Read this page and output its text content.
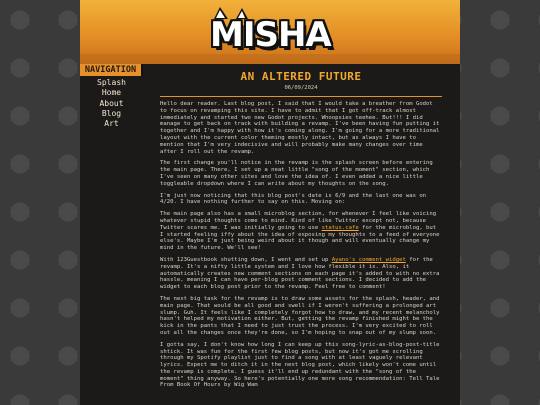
MISHA
NAVIGATION
Splash
Home
About
Blog
Art
AN ALTERED FUTURE
06/09/2024

Hello dear reader. Last blog post, I said that I would take a breather from Godot to focus on revamping this site. I have to admit that I got off-track almost immediately and started two new Godot projects. Whoopsies teehee. But!!! I did manage to get back on track with building a revamp. I've been having fun putting it together and I'm happy with how it's coming along. I'm going for a more traditional layout with the current color theming mostly intact, but as always I have to mention that I'm very indecisive and will probably make many changes over time after I roll out the revamp.

The first change you'll notice in the revamp is the splash screen before entering the main page. There, I set up a neat little "song of the moment" section, which I've seen on many other sites and love the idea of. I even added a nice little toggleable dropdown where I can write about my thoughts on the song.

I'm just now noticing that this blog post's date is 6/9 and the last one was on 4/20. I have nothing further to say on this. Moving on:

The main page also has a small microblog section, for whenever I feel like voicing whatever stupid thoughts come to mind. Kind of like Twitter except not, because Twitter scares me. I was initially going to use status.cafe for the microblog, but I started feeling iffy about the idea of exposing my thoughts to a feed of everyone else's. Maybe I'm just being weird about it though and will eventually change my mind in the future. We'll see!

With 123Guestbook shutting down, I went and set up Ayano's comment widget for the revamp. It's a nifty little system and I love how flexible it is. Also, it automatically creates new comment sections on each page it's added to with no extra hassle, meaning I can have per-blog post comment sections. I decided to add the widget to each blog post prior to the revamp. Feel free to comment!

The next big task for the revamp is to draw some assets for the splash, header, and main page. That would be all good and swell if I weren't suffering a prolonged art slump. Guh. It feels like I completely forgot how to draw, and my recent melancholy hasn't helped my motivation either. But, getting the revamp finished might be the kick in the pants that I need to just trust the process. I'm very excited to roll out all the changes once they're done, so I'm hoping to snap out of my slump soon.

I gotta say, I don't know how long I can keep up this song-lyric-as-blog-post-title shtick. It was fun for the first few blog posts, but now it's got me scrolling through my Spotify playlist just to find a song with at least vaguely relevant lyrics. Expect me to ditch it in the next blog post, which likely won't come until the revamp is complete. I guess it'll end up redundant with the "song of the moment" thing anyway. So here's potentially one more song recommendation: Tell Tale From Book Of Hours by Wig Wam
